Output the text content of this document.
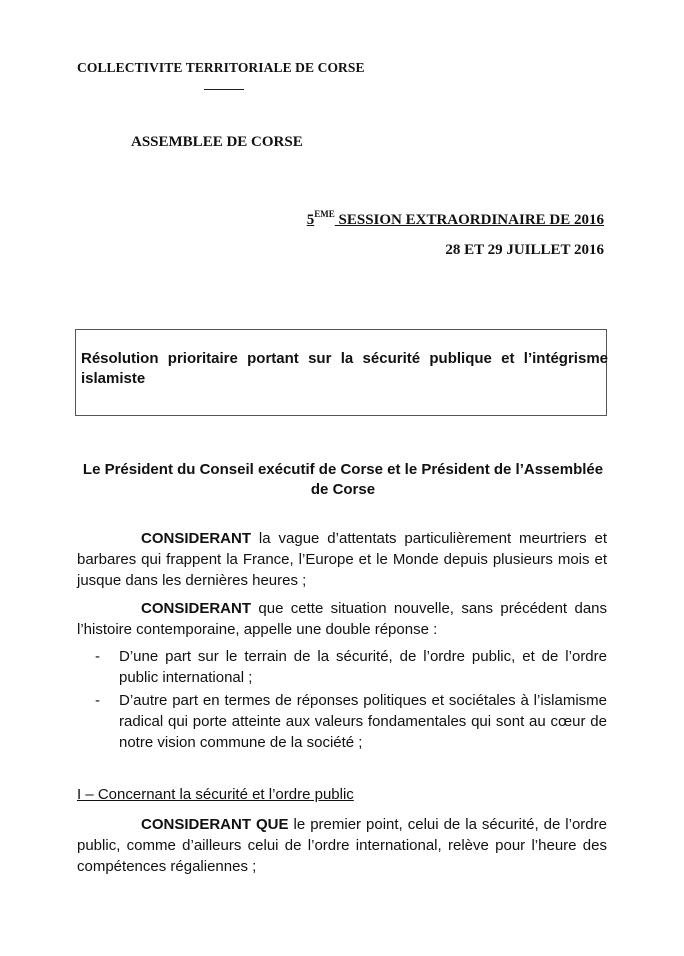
COLLECTIVITE TERRITORIALE DE CORSE
ASSEMBLEE DE CORSE
5EME SESSION EXTRAORDINAIRE DE 2016
28 ET 29 JUILLET 2016
Résolution prioritaire portant sur la sécurité publique et l’intégrisme islamiste
Le Président du Conseil exécutif de Corse et le Président de l’Assemblée de Corse

CONSIDERANT la vague d’attentats particulièrement meurtriers et barbares qui frappent la France, l’Europe et le Monde depuis plusieurs mois et jusque dans les dernières heures ;

CONSIDERANT que cette situation nouvelle, sans précédent dans l’histoire contemporaine, appelle une double réponse :

- D’une part sur le terrain de la sécurité, de l’ordre public, et de l’ordre public international ;
- D’autre part en termes de réponses politiques et sociétales à l’islamisme radical qui porte atteinte aux valeurs fondamentales qui sont au cœur de notre vision commune de la société ;
I – Concernant la sécurité et l’ordre public

CONSIDERANT QUE le premier point, celui de la sécurité, de l’ordre public, comme d’ailleurs celui de l’ordre international, relève pour l’heure des compétences régaliennes ;
